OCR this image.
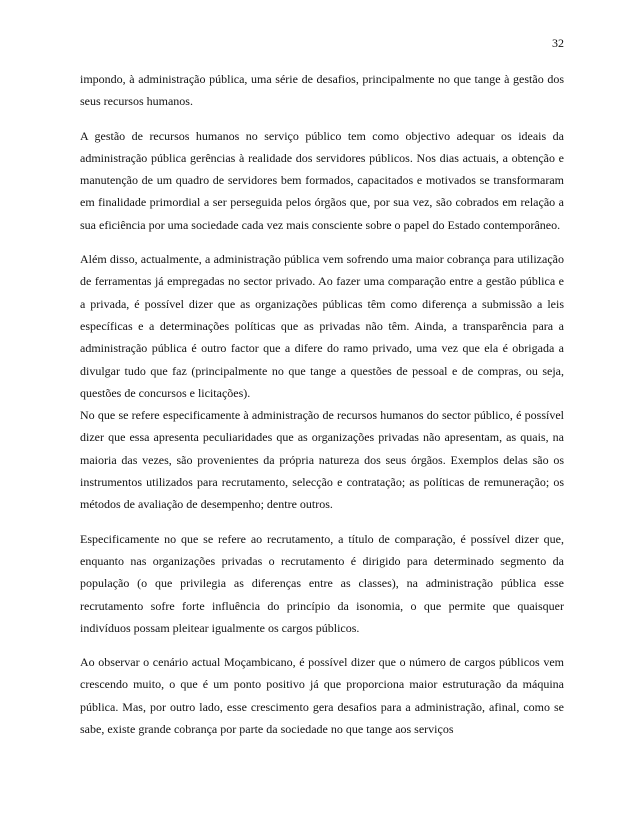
32

impondo, à administração pública, uma série de desafios, principalmente no que tange à gestão dos seus recursos humanos.

A gestão de recursos humanos no serviço público tem como objectivo adequar os ideais da administração pública gerências à realidade dos servidores públicos. Nos dias actuais, a obtenção e manutenção de um quadro de servidores bem formados, capacitados e motivados se transformaram em finalidade primordial a ser perseguida pelos órgãos que, por sua vez, são cobrados em relação a sua eficiência por uma sociedade cada vez mais consciente sobre o papel do Estado contemporâneo.

Além disso, actualmente, a administração pública vem sofrendo uma maior cobrança para utilização de ferramentas já empregadas no sector privado. Ao fazer uma comparação entre a gestão pública e a privada, é possível dizer que as organizações públicas têm como diferença a submissão a leis específicas e a determinações políticas que as privadas não têm. Ainda, a transparência para a administração pública é outro factor que a difere do ramo privado, uma vez que ela é obrigada a divulgar tudo que faz (principalmente no que tange a questões de pessoal e de compras, ou seja, questões de concursos e licitações).

No que se refere especificamente à administração de recursos humanos do sector público, é possível dizer que essa apresenta peculiaridades que as organizações privadas não apresentam, as quais, na maioria das vezes, são provenientes da própria natureza dos seus órgãos. Exemplos delas são os instrumentos utilizados para recrutamento, selecção e contratação; as políticas de remuneração; os métodos de avaliação de desempenho; dentre outros.

Especificamente no que se refere ao recrutamento, a título de comparação, é possível dizer que, enquanto nas organizações privadas o recrutamento é dirigido para determinado segmento da população (o que privilegia as diferenças entre as classes), na administração pública esse recrutamento sofre forte influência do princípio da isonomia, o que permite que quaisquer indivíduos possam pleitear igualmente os cargos públicos.

Ao observar o cenário actual Moçambicano, é possível dizer que o número de cargos públicos vem crescendo muito, o que é um ponto positivo já que proporciona maior estruturação da máquina pública. Mas, por outro lado, esse crescimento gera desafios para a administração, afinal, como se sabe, existe grande cobrança por parte da sociedade no que tange aos serviços
